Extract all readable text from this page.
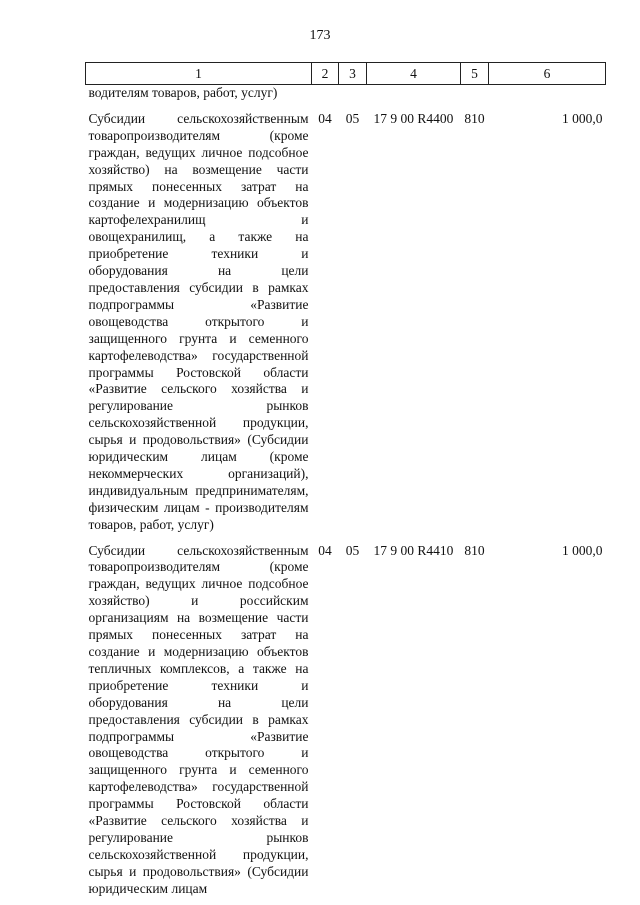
173
1	2	3	4	5	6
водителям товаров, работ, услуг)					

Субсидии сельскохозяйственным товаропроизводителям (кроме граждан, ведущих личное подсобное хозяйство) на возмещение части прямых понесенных затрат на создание и модернизацию объектов картофелехранилищ и овощехранилищ, а также на приобретение техники и оборудования на цели предоставления субсидии в рамках подпрограммы «Развитие овощеводства открытого и защищенного грунта и семенного картофелеводства» государственной программы Ростовской области «Развитие сельского хозяйства и регулирование рынков сельскохозяйственной продукции, сырья и продовольствия» (Субсидии юридическим лицам (кроме некоммерческих организаций), индивидуальным предпринимателям, физическим лицам - производителям товаров, работ, услуг)	04	05	17 9 00 R4400	810	1 000,0

Субсидии сельскохозяйственным товаропроизводителям (кроме граждан, ведущих личное подсобное хозяйство) и российским организациям на возмещение части прямых понесенных затрат на создание и модернизацию объектов тепличных комплексов, а также на приобретение техники и оборудования на цели предоставления субсидии в рамках подпрограммы «Развитие овощеводства открытого и защищенного грунта и семенного картофелеводства» государственной программы Ростовской области «Развитие сельского хозяйства и регулирование рынков сельскохозяйственной продукции, сырья и продовольствия» (Субсидии юридическим лицам	04	05	17 9 00 R4410	810	1 000,0
